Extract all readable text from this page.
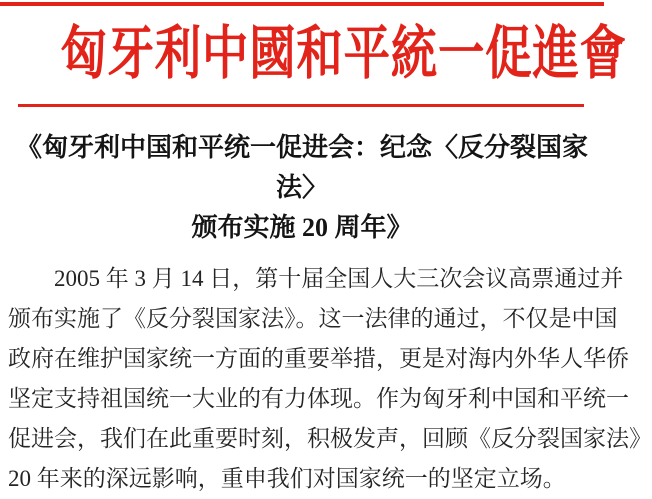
匈牙利中國和平統一促進會
《匈牙利中国和平统一促进会：纪念〈反分裂国家法〉
颁布实施 20 周年》
2005 年 3 月 14 日，第十届全国人大三次会议高票通过并
颁布实施了《反分裂国家法》。这一法律的通过，不仅是中国
政府在维护国家统一方面的重要举措，更是对海内外华人华侨
坚定支持祖国统一大业的有力体现。作为匈牙利中国和平统一
促进会，我们在此重要时刻，积极发声，回顾《反分裂国家法》
20 年来的深远影响，重申我们对国家统一的坚定立场。
